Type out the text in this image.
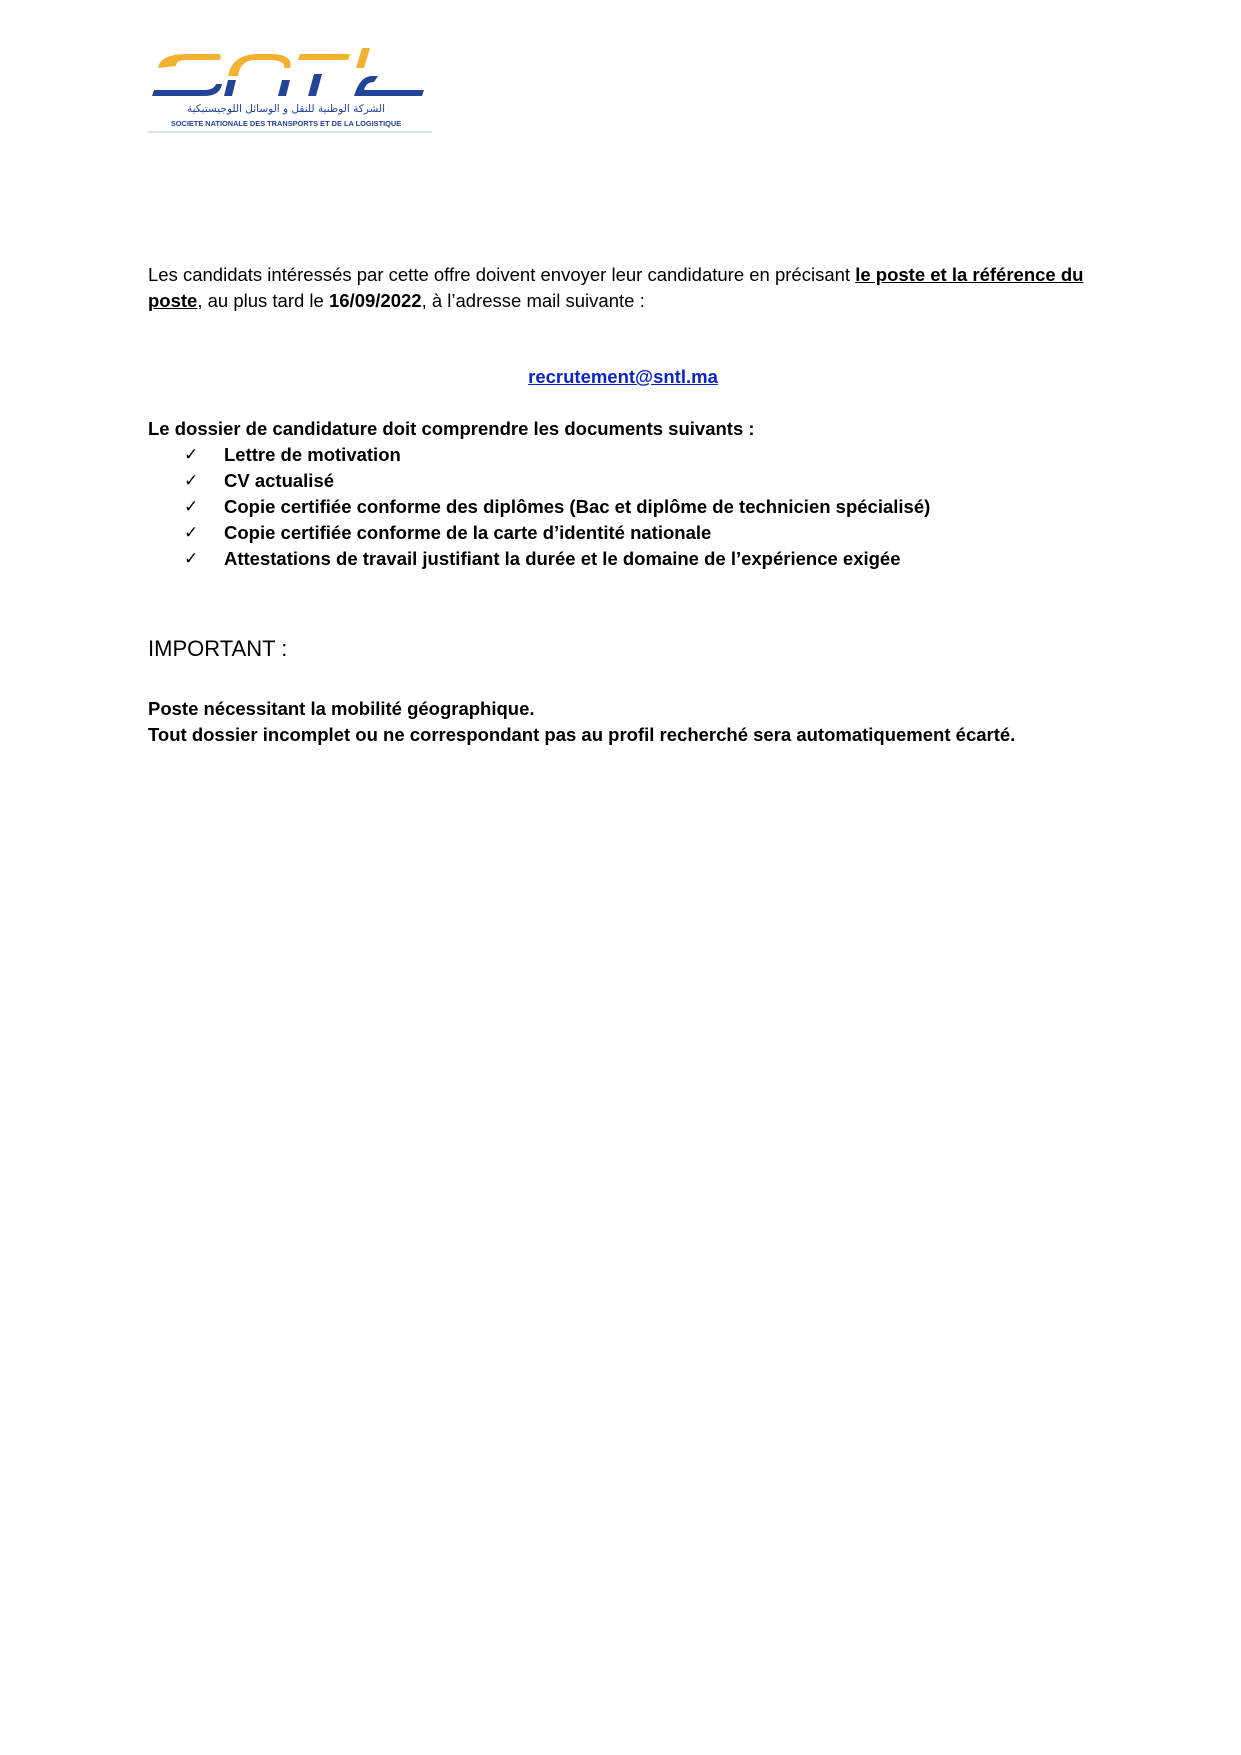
الشركة الوطنية للنقل و الوسائل اللوجيستيكية
SOCIETE NATIONALE DES TRANSPORTS ET DE LA LOGISTIQUE

Les candidats intéressés par cette offre doivent envoyer leur candidature en précisant le poste et la référence du poste, au plus tard le 16/09/2022, à l’adresse mail suivante :

recrutement@sntl.ma

Le dossier de candidature doit comprendre les documents suivants :

✓ Lettre de motivation
✓ CV actualisé
✓ Copie certifiée conforme des diplômes (Bac et diplôme de technicien spécialisé)
✓ Copie certifiée conforme de la carte d’identité nationale
✓ Attestations de travail justifiant la durée et le domaine de l’expérience exigée
IMPORTANT :
Poste nécessitant la mobilité géographique.
Tout dossier incomplet ou ne correspondant pas au profil recherché sera automatiquement écarté.
